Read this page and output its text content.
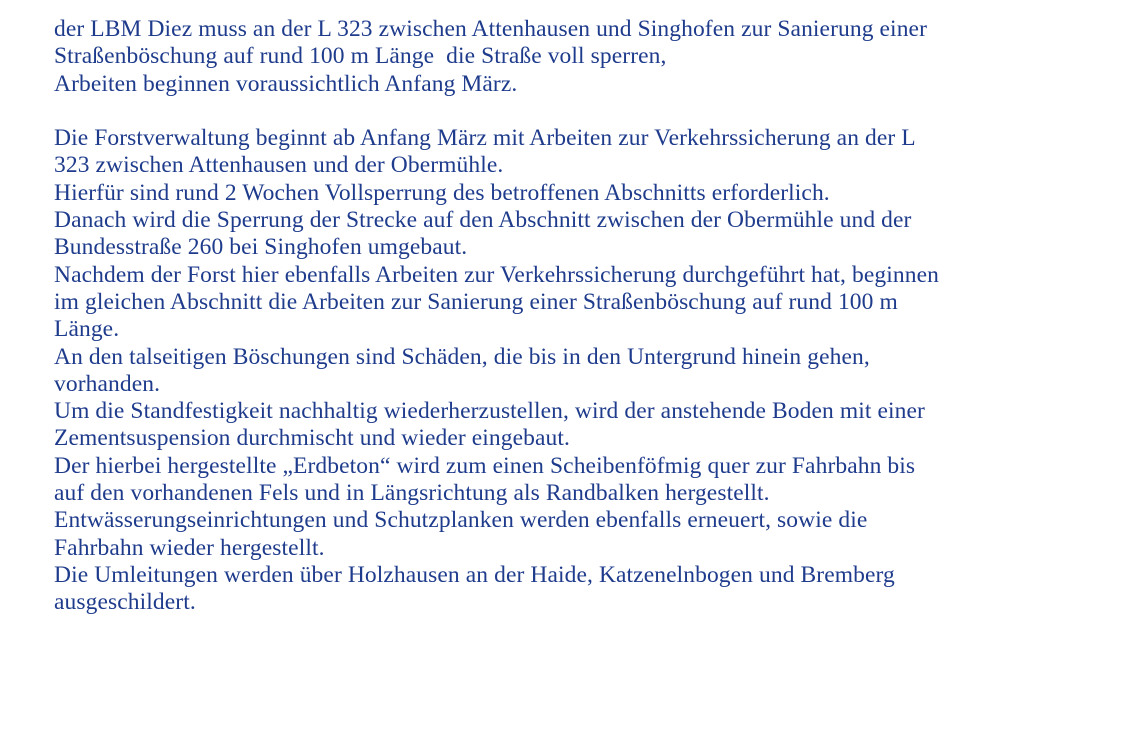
der LBM Diez muss an der L 323 zwischen Attenhausen und Singhofen zur Sanierung einer
Straßenböschung auf rund 100 m Länge  die Straße voll sperren,
Arbeiten beginnen voraussichtlich Anfang März.
Die Forstverwaltung beginnt ab Anfang März mit Arbeiten zur Verkehrssicherung an der L
323 zwischen Attenhausen und der Obermühle.
Hierfür sind rund 2 Wochen Vollsperrung des betroffenen Abschnitts erforderlich.
Danach wird die Sperrung der Strecke auf den Abschnitt zwischen der Obermühle und der
Bundesstraße 260 bei Singhofen umgebaut.
Nachdem der Forst hier ebenfalls Arbeiten zur Verkehrssicherung durchgeführt hat, beginnen
im gleichen Abschnitt die Arbeiten zur Sanierung einer Straßenböschung auf rund 100 m
Länge.
An den talseitigen Böschungen sind Schäden, die bis in den Untergrund hinein gehen,
vorhanden.
Um die Standfestigkeit nachhaltig wiederherzustellen, wird der anstehende Boden mit einer
Zementsuspension durchmischt und wieder eingebaut.
Der hierbei hergestellte „Erdbeton“ wird zum einen Scheibenföfmig quer zur Fahrbahn bis
auf den vorhandenen Fels und in Längsrichtung als Randbalken hergestellt.
Entwässerungseinrichtungen und Schutzplanken werden ebenfalls erneuert, sowie die
Fahrbahn wieder hergestellt.
Die Umleitungen werden über Holzhausen an der Haide, Katzenelnbogen und Bremberg
ausgeschildert.
